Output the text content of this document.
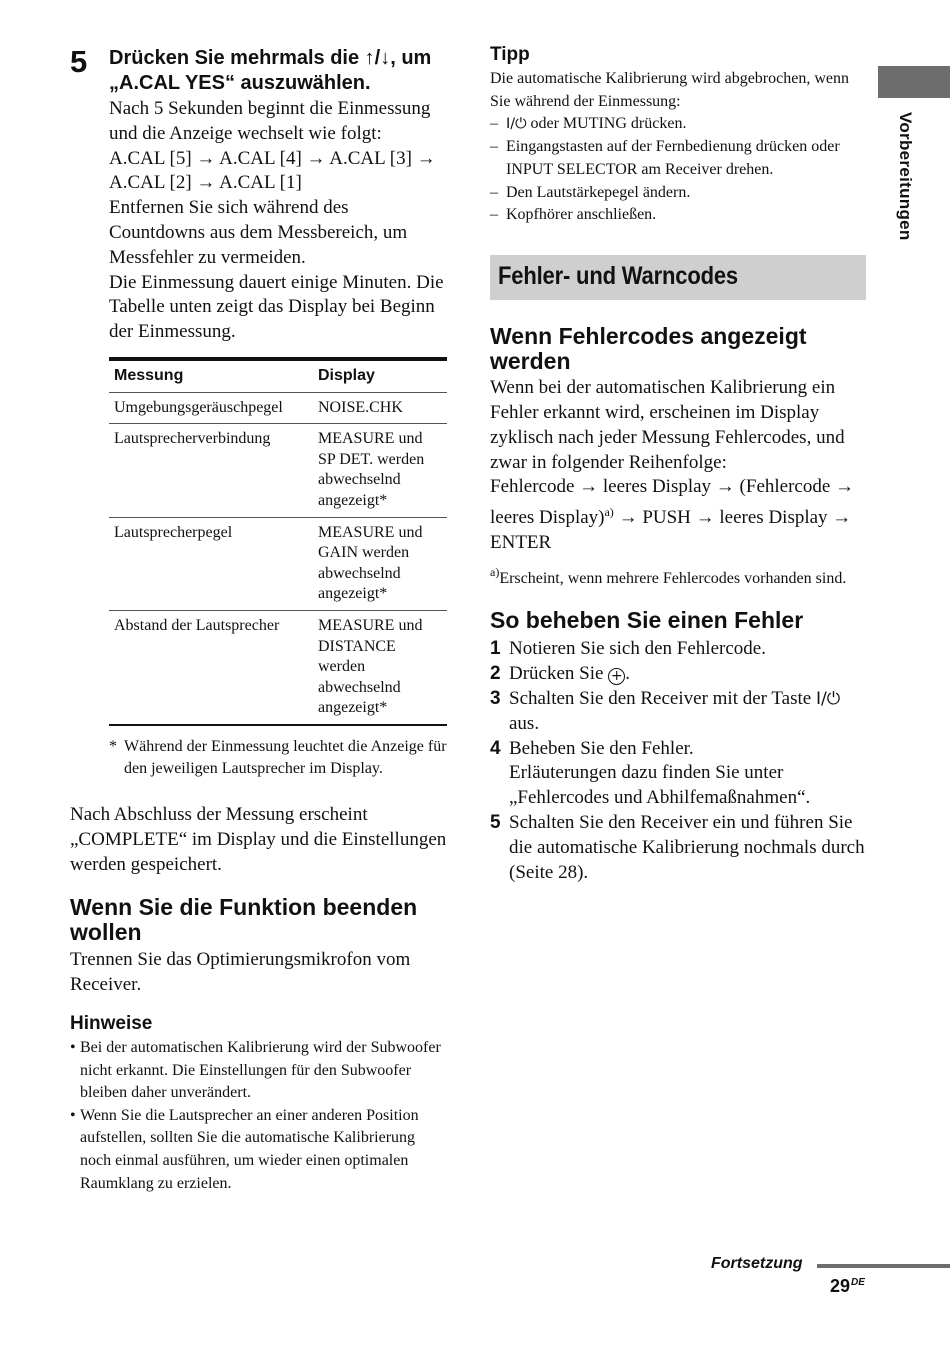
Vorbereitungen
5 Drücken Sie mehrmals die ↑/↓, um „A.CAL YES“ auszuwählen.

Nach 5 Sekunden beginnt die Einmessung und die Anzeige wechselt wie folgt:

A.CAL [5] → A.CAL [4] → A.CAL [3] → A.CAL [2] → A.CAL [1]

Entfernen Sie sich während des Countdowns aus dem Messbereich, um Messfehler zu vermeiden.

Die Einmessung dauert einige Minuten. Die Tabelle unten zeigt das Display bei Beginn der Einmessung.

Messung	Display
Umgebungsgeräuschpegel	NOISE.CHK
Lautsprecherverbindung	MEASURE und SP DET. werden abwechselnd angezeigt*
Lautsprecherpegel	MEASURE und GAIN werden abwechselnd angezeigt*
Abstand der Lautsprecher	MEASURE und DISTANCE werden abwechselnd angezeigt*
* Während der Einmessung leuchtet die Anzeige für den jeweiligen Lautsprecher im Display.

Nach Abschluss der Messung erscheint „COMPLETE“ im Display und die Einstellungen werden gespeichert.

Wenn Sie die Funktion beenden wollen

Trennen Sie das Optimierungsmikrofon vom Receiver.

Hinweise
• Bei der automatischen Kalibrierung wird der Subwoofer nicht erkannt. Die Einstellungen für den Subwoofer bleiben daher unverändert.
• Wenn Sie die Lautsprecher an einer anderen Position aufstellen, sollten Sie die automatische Kalibrierung noch einmal ausführen, um wieder einen optimalen Raumklang zu erzielen.
Tipp

Die automatische Kalibrierung wird abgebrochen, wenn Sie während der Einmessung:

– I/⏻ oder MUTING drücken.
– Eingangstasten auf der Fernbedienung drücken oder INPUT SELECTOR am Receiver drehen.
– Den Lautstärkepegel ändern.
– Kopfhörer anschließen.
Fehler- und Warncodes
Wenn Fehlercodes angezeigt werden

Wenn bei der automatischen Kalibrierung ein Fehler erkannt wird, erscheinen im Display zyklisch nach jeder Messung Fehlercodes, und zwar in folgender Reihenfolge:

Fehlercode → leeres Display → (Fehlercode → leeres Display)$^{a)}$ → PUSH → leeres Display → ENTER

$^{a)}$Erscheint, wenn mehrere Fehlercodes vorhanden sind.

So beheben Sie einen Fehler
1 Notieren Sie sich den Fehlercode.
2 Drücken Sie + .
3 Schalten Sie den Receiver mit der Taste I/⏻ aus.
4 Beheben Sie den Fehler.
Erläuterungen dazu finden Sie unter „Fehlercodes und Abhilfemaßnahmen“.
5 Schalten Sie den Receiver ein und führen Sie die automatische Kalibrierung nochmals durch (Seite 28).
Fortsetzung
29DE
